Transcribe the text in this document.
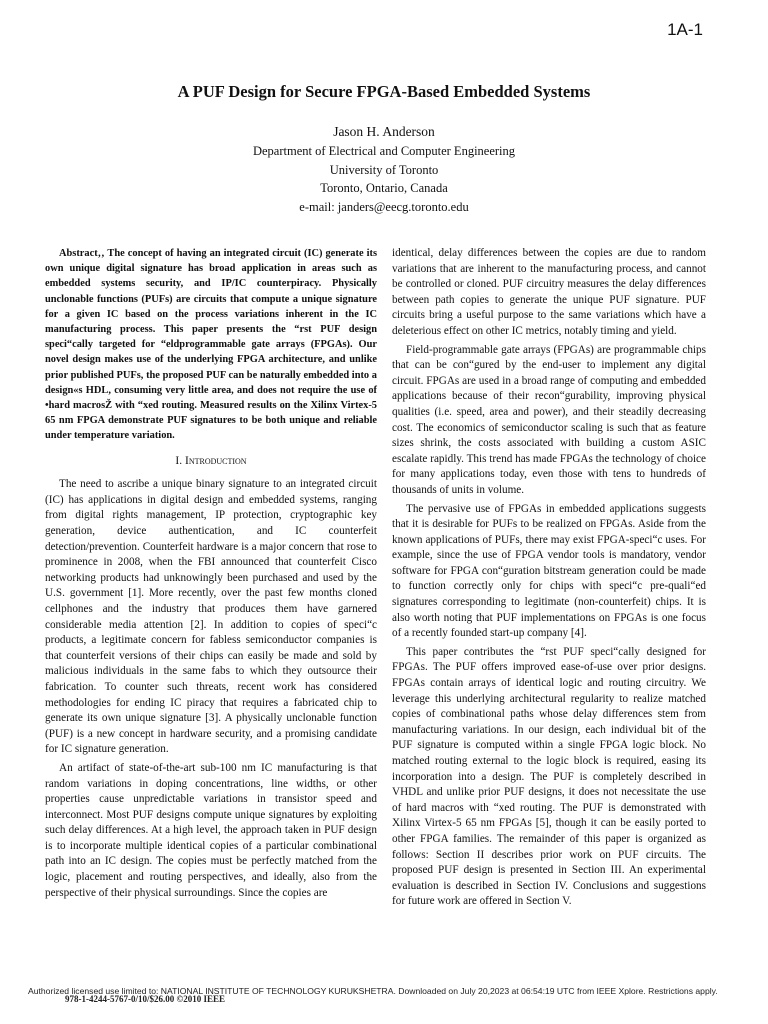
1A-1
A PUF Design for Secure FPGA-Based Embedded Systems
Jason H. Anderson
Department of Electrical and Computer Engineering
University of Toronto
Toronto, Ontario, Canada
e-mail: janders@eecg.toronto.edu

Abstract‚‚ The concept of having an integrated circuit (IC) generate its own unique digital signature has broad application in areas such as embedded systems security, and IP/IC counterpiracy. Physically unclonable functions (PUFs) are circuits that compute a unique signature for a given IC based on the process variations inherent in the IC manufacturing process. This paper presents the “rst PUF design speci“cally targeted for “eldprogrammable gate arrays (FPGAs). Our novel design makes use of the underlying FPGA architecture, and unlike prior published PUFs, the proposed PUF can be naturally embedded into a design«s HDL, consuming very little area, and does not require the use of •hard macrosŽ with “xed routing. Measured results on the Xilinx Virtex-5 65 nm FPGA demonstrate PUF signatures to be both unique and reliable under temperature variation.

I. Introduction

The need to ascribe a unique binary signature to an integrated circuit (IC) has applications in digital design and embedded systems, ranging from digital rights management, IP protection, cryptographic key generation, device authentication, and IC counterfeit detection/prevention. Counterfeit hardware is a major concern that rose to prominence in 2008, when the FBI announced that counterfeit Cisco networking products had unknowingly been purchased and used by the U.S. government [1]. More recently, over the past few months cloned cellphones and the industry that produces them have garnered considerable media attention [2]. In addition to copies of speci“c products, a legitimate concern for fabless semiconductor companies is that counterfeit versions of their chips can easily be made and sold by malicious individuals in the same fabs to which they outsource their fabrication. To counter such threats, recent work has considered methodologies for ending IC piracy that requires a fabricated chip to generate its own unique signature [3]. A physically unclonable function (PUF) is a new concept in hardware security, and a promising candidate for IC signature generation.

An artifact of state-of-the-art sub-100 nm IC manufacturing is that random variations in doping concentrations, line widths, or other properties cause unpredictable variations in transistor speed and interconnect. Most PUF designs compute unique signatures by exploiting such delay differences. At a high level, the approach taken in PUF design is to incorporate multiple identical copies of a particular combinational path into an IC design. The copies must be perfectly matched from the logic, placement and routing perspectives, and ideally, also from the perspective of their physical surroundings. Since the copies are

identical, delay differences between the copies are due to random variations that are inherent to the manufacturing process, and cannot be controlled or cloned. PUF circuitry measures the delay differences between path copies to generate the unique PUF signature. PUF circuits bring a useful purpose to the same variations which have a deleterious effect on other IC metrics, notably timing and yield.

Field-programmable gate arrays (FPGAs) are programmable chips that can be con“gured by the end-user to implement any digital circuit. FPGAs are used in a broad range of computing and embedded applications because of their recon“gurability, improving physical qualities (i.e. speed, area and power), and their steadily decreasing cost. The economics of semiconductor scaling is such that as feature sizes shrink, the costs associated with building a custom ASIC escalate rapidly. This trend has made FPGAs the technology of choice for many applications today, even those with tens to hundreds of thousands of units in volume.

The pervasive use of FPGAs in embedded applications suggests that it is desirable for PUFs to be realized on FPGAs. Aside from the known applications of PUFs, there may exist FPGA-speci“c uses. For example, since the use of FPGA vendor tools is mandatory, vendor software for FPGA con“guration bitstream generation could be made to function correctly only for chips with speci“c pre-quali“ed signatures corresponding to legitimate (non-counterfeit) chips. It is also worth noting that PUF implementations on FPGAs is one focus of a recently founded start-up company [4].

This paper contributes the “rst PUF speci“cally designed for FPGAs. The PUF offers improved ease-of-use over prior designs. FPGAs contain arrays of identical logic and routing circuitry. We leverage this underlying architectural regularity to realize matched copies of combinational paths whose delay differences stem from manufacturing variations. In our design, each individual bit of the PUF signature is computed within a single FPGA logic block. No matched routing external to the logic block is required, easing its incorporation into a design. The PUF is completely described in VHDL and unlike prior PUF designs, it does not necessitate the use of hard macros with “xed routing. The PUF is demonstrated with Xilinx Virtex-5 65 nm FPGAs [5], though it can be easily ported to other FPGA families. The remainder of this paper is organized as follows: Section II describes prior work on PUF circuits. The proposed PUF design is presented in Section III. An experimental evaluation is described in Section IV. Conclusions and suggestions for future work are offered in Section V.

Authorized licensed use limited to: NATIONAL INSTITUTE OF TECHNOLOGY KURUKSHETRA. Downloaded on July 20,2023 at 06:54:19 UTC from IEEE Xplore. Restrictions apply.
978-1-4244-5767-0/10/$26.00 ©2010 IEEE
